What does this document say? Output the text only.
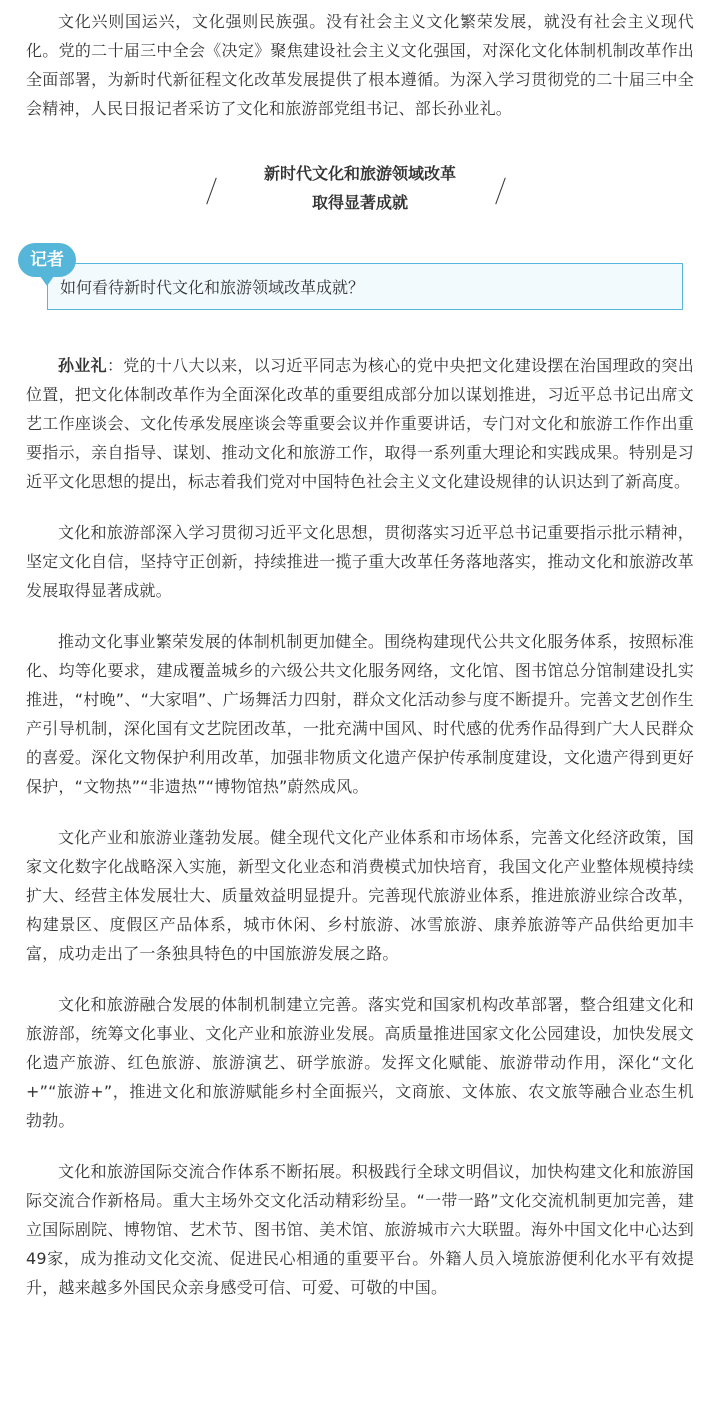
文化兴则国运兴，文化强则民族强。没有社会主义文化繁荣发展，就没有社会主义现代化。党的二十届三中全会《决定》聚焦建设社会主义文化强国，对深化文化体制机制改革作出全面部署，为新时代新征程文化改革发展提供了根本遵循。为深入学习贯彻党的二十届三中全会精神，人民日报记者采访了文化和旅游部党组书记、部长孙业礼。

新时代文化和旅游领域改革
取得显著成就
记者
如何看待新时代文化和旅游领域改革成就？

孙业礼：党的十八大以来，以习近平同志为核心的党中央把文化建设摆在治国理政的突出位置，把文化体制改革作为全面深化改革的重要组成部分加以谋划推进，习近平总书记出席文艺工作座谈会、文化传承发展座谈会等重要会议并作重要讲话，专门对文化和旅游工作作出重要指示，亲自指导、谋划、推动文化和旅游工作，取得一系列重大理论和实践成果。特别是习近平文化思想的提出，标志着我们党对中国特色社会主义文化建设规律的认识达到了新高度。

文化和旅游部深入学习贯彻习近平文化思想，贯彻落实习近平总书记重要指示批示精神，坚定文化自信，坚持守正创新，持续推进一揽子重大改革任务落地落实，推动文化和旅游改革发展取得显著成就。

推动文化事业繁荣发展的体制机制更加健全。围绕构建现代公共文化服务体系，按照标准化、均等化要求，建成覆盖城乡的六级公共文化服务网络，文化馆、图书馆总分馆制建设扎实推进，“村晚”、“大家唱”、广场舞活力四射，群众文化活动参与度不断提升。完善文艺创作生产引导机制，深化国有文艺院团改革，一批充满中国风、时代感的优秀作品得到广大人民群众的喜爱。深化文物保护利用改革，加强非物质文化遗产保护传承制度建设，文化遗产得到更好保护，“文物热”“非遗热”“博物馆热”蔚然成风。

文化产业和旅游业蓬勃发展。健全现代文化产业体系和市场体系，完善文化经济政策，国家文化数字化战略深入实施，新型文化业态和消费模式加快培育，我国文化产业整体规模持续扩大、经营主体发展壮大、质量效益明显提升。完善现代旅游业体系，推进旅游业综合改革，构建景区、度假区产品体系，城市休闲、乡村旅游、冰雪旅游、康养旅游等产品供给更加丰富，成功走出了一条独具特色的中国旅游发展之路。

文化和旅游融合发展的体制机制建立完善。落实党和国家机构改革部署，整合组建文化和旅游部，统筹文化事业、文化产业和旅游业发展。高质量推进国家文化公园建设，加快发展文化遗产旅游、红色旅游、旅游演艺、研学旅游。发挥文化赋能、旅游带动作用，深化“文化+”“旅游+”，推进文化和旅游赋能乡村全面振兴，文商旅、文体旅、农文旅等融合业态生机勃勃。

文化和旅游国际交流合作体系不断拓展。积极践行全球文明倡议，加快构建文化和旅游国际交流合作新格局。重大主场外交文化活动精彩纷呈。“一带一路”文化交流机制更加完善，建立国际剧院、博物馆、艺术节、图书馆、美术馆、旅游城市六大联盟。海外中国文化中心达到49家，成为推动文化交流、促进民心相通的重要平台。外籍人员入境旅游便利化水平有效提升，越来越多外国民众亲身感受可信、可爱、可敬的中国。
